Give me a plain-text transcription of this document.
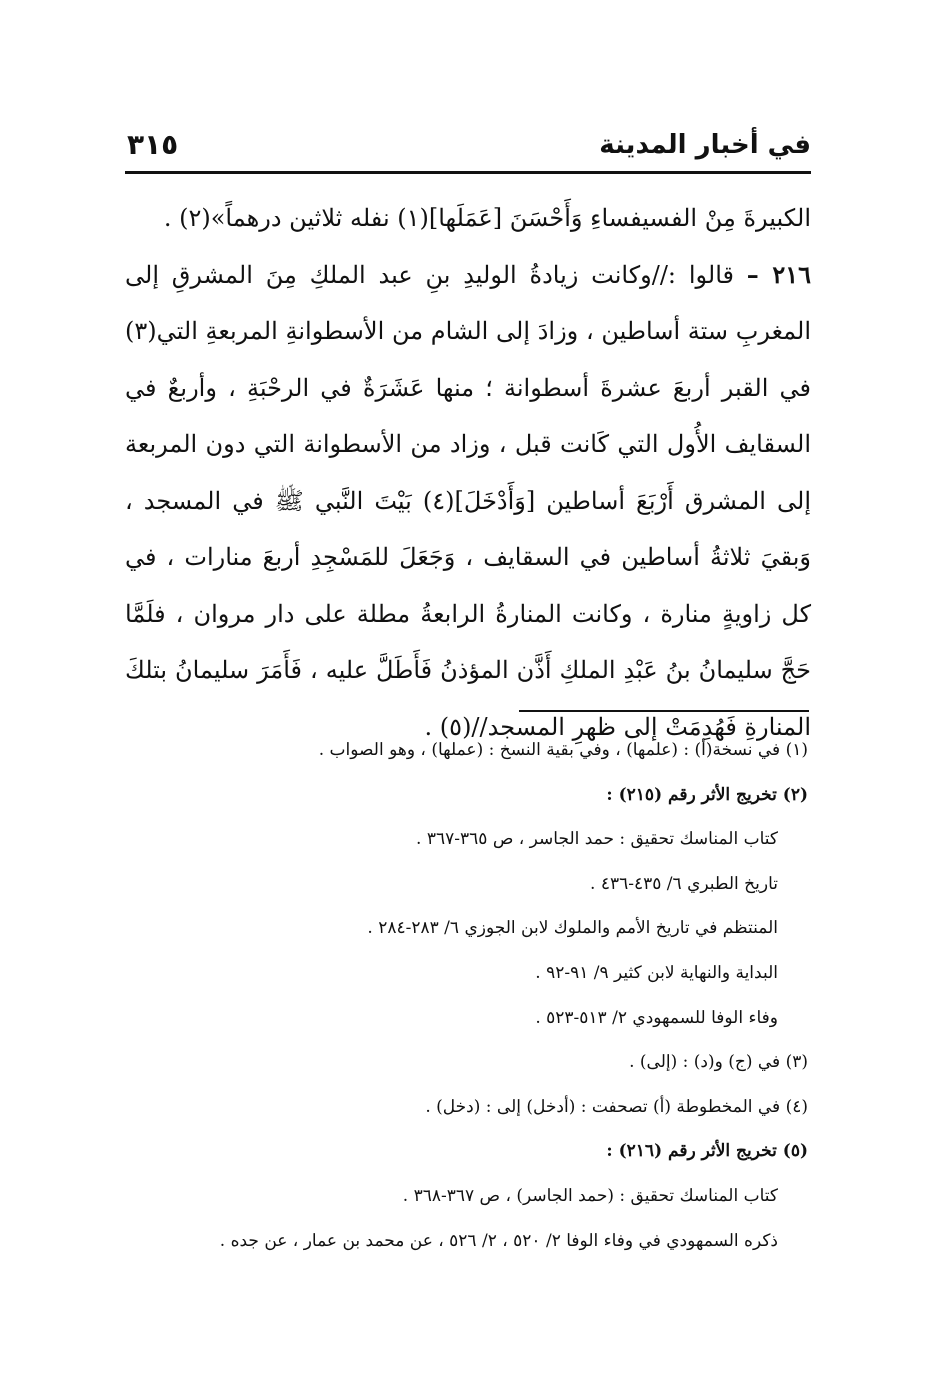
في أخبار المدينة
٣١٥

الكبيرةَ مِنْ الفسيفساءِ وَأَحْسَنَ [عَمَلَها](١) نفله ثلاثين درهماً»(٢) .

٢١٦ – قالوا ://وكانت زيادةُ الوليدِ بنِ عبد الملكِ مِنَ المشرقِ إلى المغربِ ستة أساطين ، وزادَ إلى الشام من الأسطوانةِ المربعةِ التي(٣) في القبر أربعَ عشرةَ أسطوانة ؛ منها عَشَرَةٌ في الرحْبَةِ ، وأربعٌ في السقايف الأُول التي كَانت قبل ، وزاد من الأسطوانة التي دون المربعة إلى المشرق أَرْبَعَ أساطين [وَأَدْخَلَ](٤) بَيْتَ النَّبي ﷺ في المسجد ، وَبقيَ ثلاثةُ أساطين في السقايف ، وَجَعَلَ للمَسْجِدِ أربعَ منارات ، في كل زاويةٍ منارة ، وكانت المنارةُ الرابعةُ مطلة على دار مروان ، فلَمَّا حَجَّ سليمانُ بنُ عَبْدِ الملكِ أَذَّن المؤذنُ فَأَطَلَّ عليه ، فَأَمَرَ سليمانُ بتلكَ المنارةِ فَهُدِمَتْ إلى ظهرِ المسجد//(٥) .

(١) في نسخة(أ) : (علمها) ، وفي بقية النسخ : (عملها) ، وهو الصواب .

(٢) تخريج الأثر رقم (٢١٥) :

كتاب المناسك تحقيق : حمد الجاسر ، ص ٣٦٥-٣٦٧ .

تاريخ الطبري ٦/ ٤٣٥-٤٣٦ .

المنتظم في تاريخ الأمم والملوك لابن الجوزي ٦/ ٢٨٣-٢٨٤ .

البداية والنهاية لابن كثير ٩/ ٩١-٩٢ .

وفاء الوفا للسمهودي ٢/ ٥١٣-٥٢٣ .

(٣) في (ج) و(د) : (إلى) .

(٤) في المخطوطة (أ) تصحفت : (أدخل) إلى : (دخل) .

(٥) تخريج الأثر رقم (٢١٦) :

كتاب المناسك تحقيق : (حمد الجاسر) ، ص ٣٦٧-٣٦٨ .

ذكره السمهودي في وفاء الوفا ٢/ ٥٢٠ ، ٢/ ٥٢٦ ، عن محمد بن عمار ، عن جده .
